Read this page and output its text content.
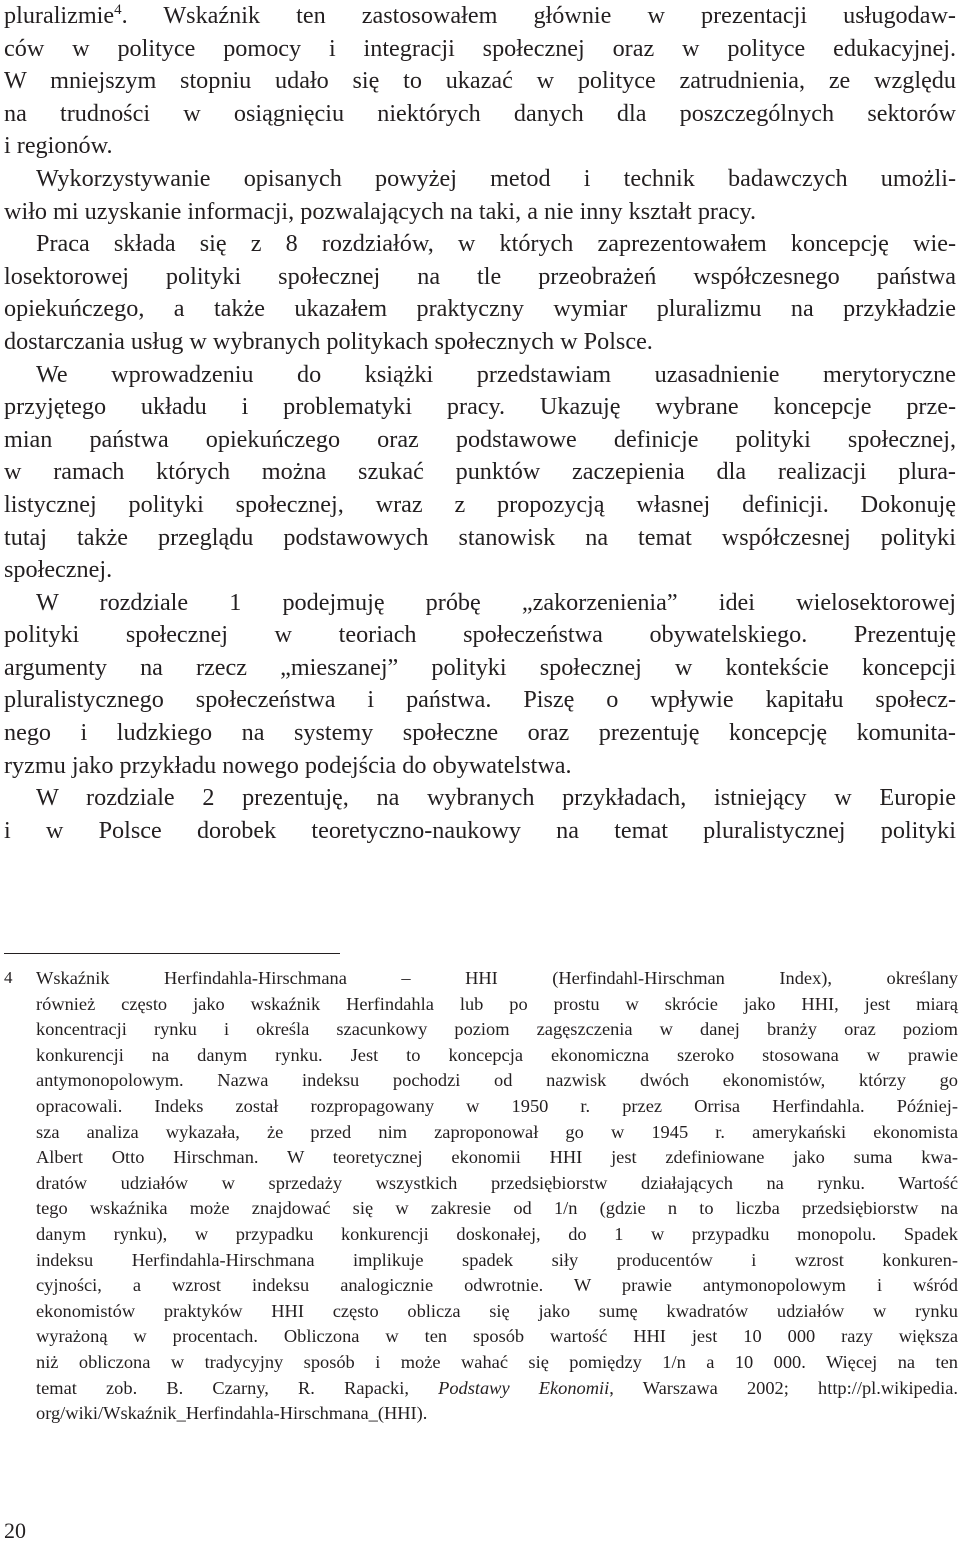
pluralizmie$^4$. Wskaźnik ten zastosowałem głównie w prezentacji usługodaw-
ców w polityce pomocy i integracji społecznej oraz w polityce edukacyjnej.
W mniejszym stopniu udało się to ukazać w polityce zatrudnienia, ze względu
na trudności w osiągnięciu niektórych danych dla poszczególnych sektorów
i regionów.
Wykorzystywanie opisanych powyżej metod i technik badawczych umożli-
wiło mi uzyskanie informacji, pozwalających na taki, a nie inny kształt pracy.
Praca składa się z 8 rozdziałów, w których zaprezentowałem koncepcję wie-
losektorowej polityki społecznej na tle przeobrażeń współczesnego państwa
opiekuńczego, a także ukazałem praktyczny wymiar pluralizmu na przykładzie
dostarczania usług w wybranych politykach społecznych w Polsce.
We wprowadzeniu do książki przedstawiam uzasadnienie merytoryczne
przyjętego układu i problematyki pracy. Ukazuję wybrane koncepcje prze-
mian państwa opiekuńczego oraz podstawowe definicje polityki społecznej,
w ramach których można szukać punktów zaczepienia dla realizacji plura-
listycznej polityki społecznej, wraz z propozycją własnej definicji. Dokonuję
tutaj także przeglądu podstawowych stanowisk na temat współczesnej polityki
społecznej.
W rozdziale 1 podejmuję próbę „zakorzenienia” idei wielosektorowej
polityki społecznej w teoriach społeczeństwa obywatelskiego. Prezentuję
argumenty na rzecz „mieszanej” polityki społecznej w kontekście koncepcji
pluralistycznego społeczeństwa i państwa. Piszę o wpływie kapitału społecz-
nego i ludzkiego na systemy społeczne oraz prezentuję koncepcję komunita-
ryzmu jako przykładu nowego podejścia do obywatelstwa.
W rozdziale 2 prezentuję, na wybranych przykładach, istniejący w Europie
i w Polsce dorobek teoretyczno-naukowy na temat pluralistycznej polityki
4 Wskaźnik Herfindahla-Hirschmana – HHI (Herfindahl-Hirschman Index), określany
również często jako wskaźnik Herfindahla lub po prostu w skrócie jako HHI, jest miarą
koncentracji rynku i określa szacunkowy poziom zagęszczenia w danej branży oraz poziom
konkurencji na danym rynku. Jest to koncepcja ekonomiczna szeroko stosowana w prawie
antymonopolowym. Nazwa indeksu pochodzi od nazwisk dwóch ekonomistów, którzy go
opracowali. Indeks został rozpropagowany w 1950 r. przez Orrisa Herfindahla. Później-
sza analiza wykazała, że przed nim zaproponował go w 1945 r. amerykański ekonomista
Albert Otto Hirschman. W teoretycznej ekonomii HHI jest zdefiniowane jako suma kwa-
dratów udziałów w sprzedaży wszystkich przedsiębiorstw działających na rynku. Wartość
tego wskaźnika może znajdować się w zakresie od 1/n (gdzie n to liczba przedsiębiorstw na
danym rynku), w przypadku konkurencji doskonałej, do 1 w przypadku monopolu. Spadek
indeksu Herfindahla-Hirschmana implikuje spadek siły producentów i wzrost konkuren-
cyjności, a wzrost indeksu analogicznie odwrotnie. W prawie antymonopolowym i wśród
ekonomistów praktyków HHI często oblicza się jako sumę kwadratów udziałów w rynku
wyrażoną w procentach. Obliczona w ten sposób wartość HHI jest 10 000 razy większa
niż obliczona w tradycyjny sposób i może wahać się pomiędzy 1/n a 10 000. Więcej na ten
temat zob. B. Czarny, R. Rapacki, Podstawy Ekonomii, Warszawa 2002; http://pl.wikipedia.
org/wiki/Wskaźnik_Herfindahla-Hirschmana_(HHI).
20
